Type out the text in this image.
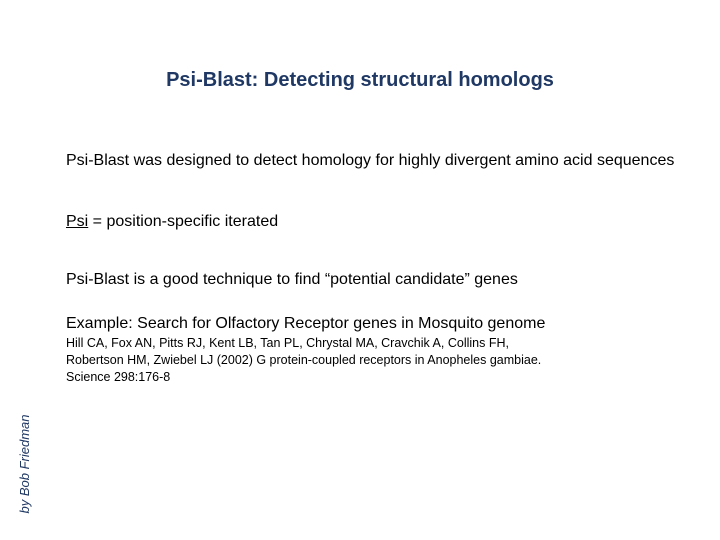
Psi-Blast: Detecting structural homologs
Psi-Blast was designed to detect homology for highly divergent amino acid sequences
Psi = position-specific iterated
Psi-Blast is a good technique to find “potential candidate” genes
Example: Search for Olfactory Receptor genes in Mosquito genome
Hill CA, Fox AN, Pitts RJ, Kent LB, Tan PL, Chrystal MA, Cravchik A, Collins FH,
Robertson HM, Zwiebel LJ (2002) G protein-coupled receptors in Anopheles gambiae.
Science 298:176-8
by Bob Friedman
